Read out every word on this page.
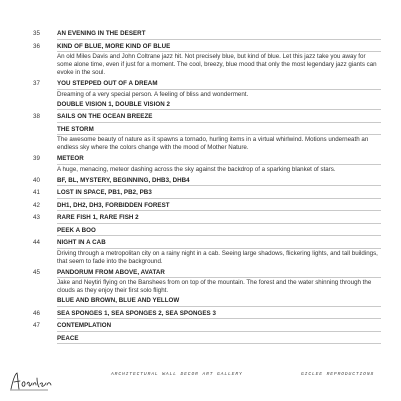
35	AN EVENING IN THE DESERT
36	KIND OF BLUE, MORE KIND OF BLUE
An old Miles Davis and John Coltrane jazz hit. Not precisely blue, but kind of blue. Let this jazz take you away for some alone time, even if just for a moment. The cool, breezy, blue mood that only the most legendary jazz giants can evoke in the soul.
37	YOU STEPPED OUT OF A DREAM
Dreaming of a very special person. A feeling of bliss and wonderment.
DOUBLE VISION 1, DOUBLE VISION 2
38	SAILS ON THE OCEAN BREEZE
THE STORM
The awesome beauty of nature as it spawns a tornado, hurling items in a virtual whirlwind. Motions underneath an endless sky where the colors change with the mood of Mother Nature.
39	METEOR
A huge, menacing, meteor dashing across the sky against the backdrop of a sparking blanket of stars.
40	BF, BL, MYSTERY, BEGINNING, DHB3, DHB4
41	LOST IN SPACE, PB1, PB2, PB3
42	DH1, DH2, DH3, FORBIDDEN FOREST
43	RARE FISH 1, RARE FISH 2
PEEK A BOO
44	NIGHT IN A CAB
Driving through a metropolitan city on a rainy night in a cab. Seeing large shadows, flickering lights, and tall buildings, that seem to fade into the background.
45	PANDORUM FROM ABOVE, AVATAR
Jake and Neytiri flying on the Banshees from on top of the mountain. The forest and the water shinning through the clouds as they enjoy their first solo flight.
BLUE AND BROWN, BLUE AND YELLOW
46	SEA SPONGES 1, SEA SPONGES 2, SEA SPONGES 3
47	CONTEMPLATION
PEACE
ARCHITECTURAL WALL DECOR ART GALLERY	GICLEE REPRODUCTIONS
